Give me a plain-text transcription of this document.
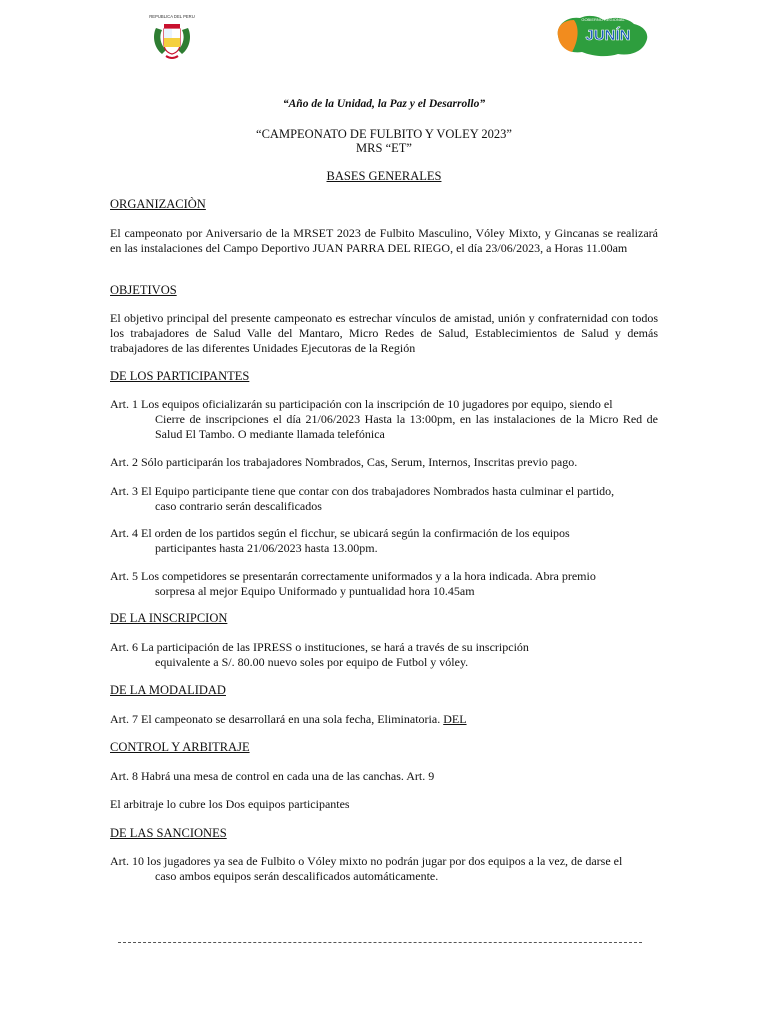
REPUBLICA DEL PERU
GOBIERNO REGIONAL
JUNÍN
“Año de la Unidad, la Paz y el Desarrollo”
“CAMPEONATO DE FULBITO Y VOLEY 2023”
MRS “ET”
BASES GENERALES
ORGANIZACIÒN
El campeonato por Aniversario de la MRSET 2023 de Fulbito Masculino, Vóley Mixto, y Gincanas se realizará en las instalaciones del Campo Deportivo JUAN PARRA DEL RIEGO, el día 23/06/2023, a Horas 11.00am
OBJETIVOS
El objetivo principal del presente campeonato es estrechar vínculos de amistad, unión y confraternidad con todos los trabajadores de Salud Valle del Mantaro, Micro Redes de Salud, Establecimientos de Salud y demás trabajadores de las diferentes Unidades Ejecutoras de la Región
DE LOS PARTICIPANTES
Art. 1 Los equipos oficializarán su participación con la inscripción de 10 jugadores por equipo, siendo el
Cierre de inscripciones el día 21/06/2023 Hasta la 13:00pm, en las instalaciones de la Micro Red de Salud El Tambo. O mediante llamada telefónica
Art. 2 Sólo participarán los trabajadores Nombrados, Cas, Serum, Internos, Inscritas previo pago.
Art. 3 El Equipo participante tiene que contar con dos trabajadores Nombrados hasta culminar el partido,
caso contrario serán descalificados
Art. 4 El orden de los partidos según el ficchur, se ubicará según la confirmación de los equipos
participantes hasta 21/06/2023 hasta 13.00pm.
Art. 5 Los competidores se presentarán correctamente uniformados y a la hora indicada. Abra premio
sorpresa al mejor Equipo Uniformado y puntualidad hora 10.45am
DE LA INSCRIPCION
Art. 6 La participación de las IPRESS o instituciones, se hará a través de su inscripción
equivalente a S/. 80.00 nuevo soles por equipo de Futbol y vóley.
DE LA MODALIDAD
Art. 7 El campeonato se desarrollará en una sola fecha, Eliminatoria. DEL
CONTROL Y ARBITRAJE
Art. 8 Habrá una mesa de control en cada una de las canchas. Art. 9
El arbitraje lo cubre los Dos equipos participantes
DE LAS SANCIONES
Art. 10 los jugadores ya sea de Fulbito o Vóley mixto no podrán jugar por dos equipos a la vez, de darse el
caso ambos equipos serán descalificados automáticamente.
